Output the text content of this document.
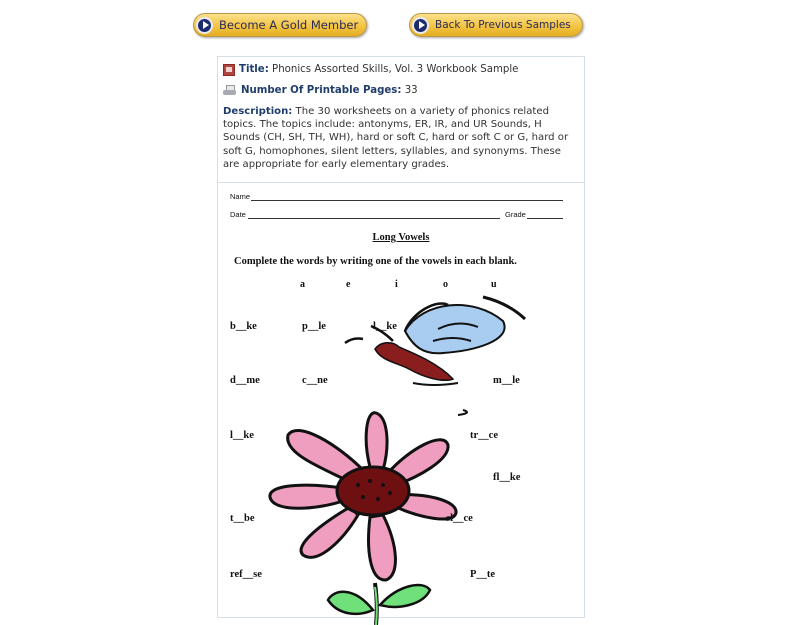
Become A Gold Member	Back To Previous Samples
Title:
Phonics Assorted Skills, Vol. 3 Workbook Sample
Number Of Printable Pages:
33
Description: The 30 worksheets on a variety of phonics related topics. The topics include: antonyms, ER, IR, and UR Sounds, H Sounds (CH, SH, TH, WH), hard or soft C, hard or soft C or G, hard or soft G, homophones, silent letters, syllables, and synonyms. These are appropriate for early elementary grades.
Name
Date	Grade
Long Vowels
Complete the words by writing one of the vowels in each blank.
a	e	i	o	u
b__ke	p__le	l__ke
d__me	c__ne	m__le
l__ke	tr__ce
fl__ke
t__be	sl__ce
ref__se	P__te
